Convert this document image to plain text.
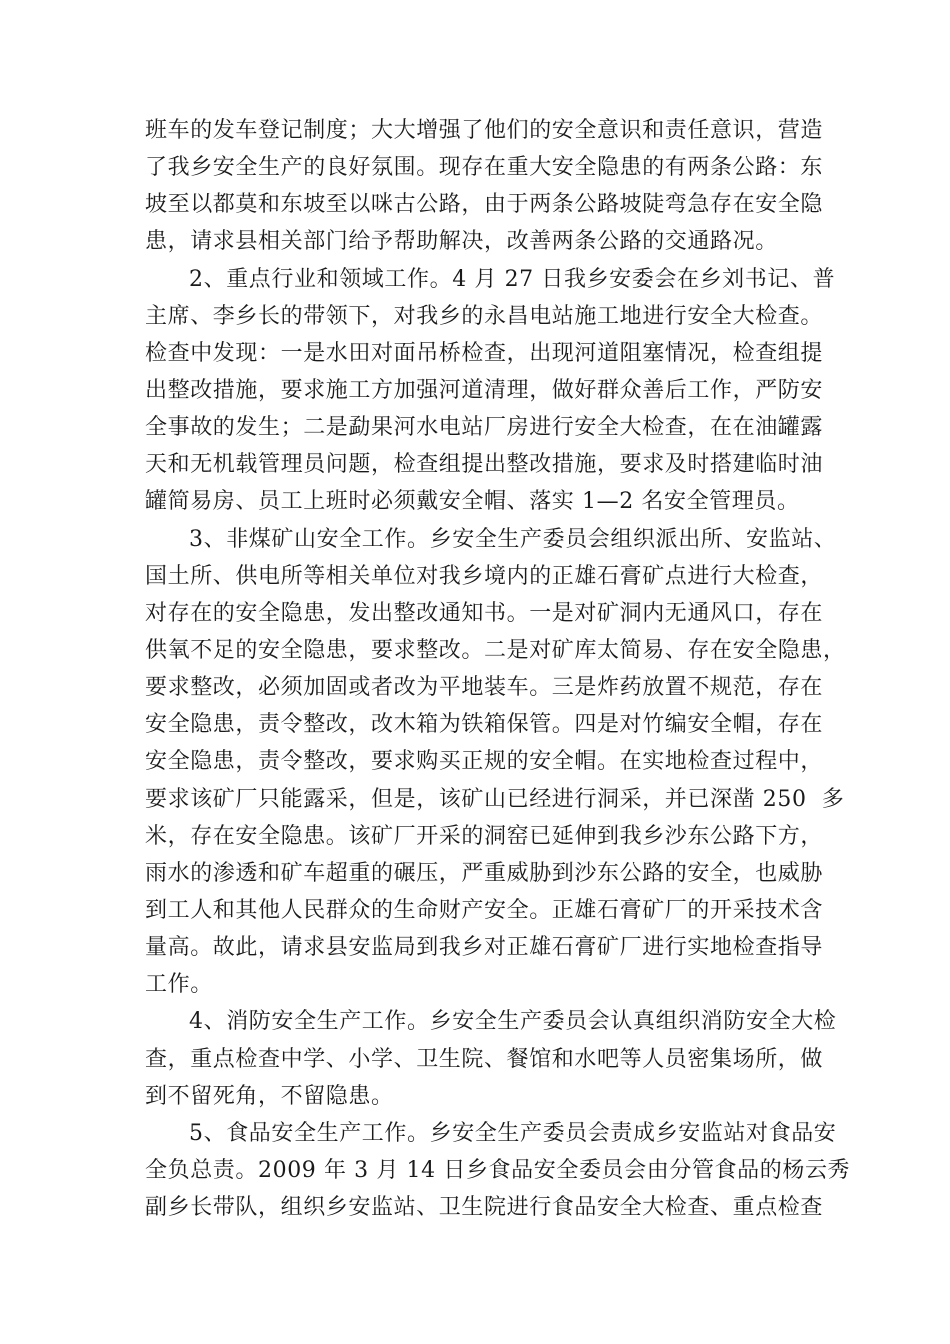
班车的发车登记制度；大大增强了他们的安全意识和责任意识，营造
了我乡安全生产的良好氛围。现存在重大安全隐患的有两条公路：东
坡至以都莫和东坡至以咪古公路，由于两条公路坡陡弯急存在安全隐
患，请求县相关部门给予帮助解决，改善两条公路的交通路况。
2、重点行业和领域工作。4 月 27 日我乡安委会在乡刘书记、普
主席、李乡长的带领下，对我乡的永昌电站施工地进行安全大检查。
检查中发现：一是水田对面吊桥检查，出现河道阻塞情况，检查组提
出整改措施，要求施工方加强河道清理，做好群众善后工作，严防安
全事故的发生；二是勐果河水电站厂房进行安全大检查，在在油罐露
天和无机载管理员问题，检查组提出整改措施，要求及时搭建临时油
罐简易房、员工上班时必须戴安全帽、落实 1—2 名安全管理员。
3、非煤矿山安全工作。乡安全生产委员会组织派出所、安监站、
国土所、供电所等相关单位对我乡境内的正雄石膏矿点进行大检查，
对存在的安全隐患，发出整改通知书。一是对矿洞内无通风口，存在
供氧不足的安全隐患，要求整改。二是对矿库太简易、存在安全隐患，
要求整改，必须加固或者改为平地装车。三是炸药放置不规范，存在
安全隐患，责令整改，改木箱为铁箱保管。四是对竹编安全帽，存在
安全隐患，责令整改，要求购买正规的安全帽。在实地检查过程中，
要求该矿厂只能露采，但是，该矿山已经进行洞采，并已深凿 250  多
米，存在安全隐患。该矿厂开采的洞窑已延伸到我乡沙东公路下方，
雨水的渗透和矿车超重的碾压，严重威胁到沙东公路的安全，也威胁
到工人和其他人民群众的生命财产安全。正雄石膏矿厂的开采技术含
量高。故此，请求县安监局到我乡对正雄石膏矿厂进行实地检查指导
工作。
4、消防安全生产工作。乡安全生产委员会认真组织消防安全大检
查，重点检查中学、小学、卫生院、餐馆和水吧等人员密集场所，做
到不留死角，不留隐患。
5、食品安全生产工作。乡安全生产委员会责成乡安监站对食品安
全负总责。2009 年 3 月 14 日乡食品安全委员会由分管食品的杨云秀
副乡长带队，组织乡安监站、卫生院进行食品安全大检查、重点检查
